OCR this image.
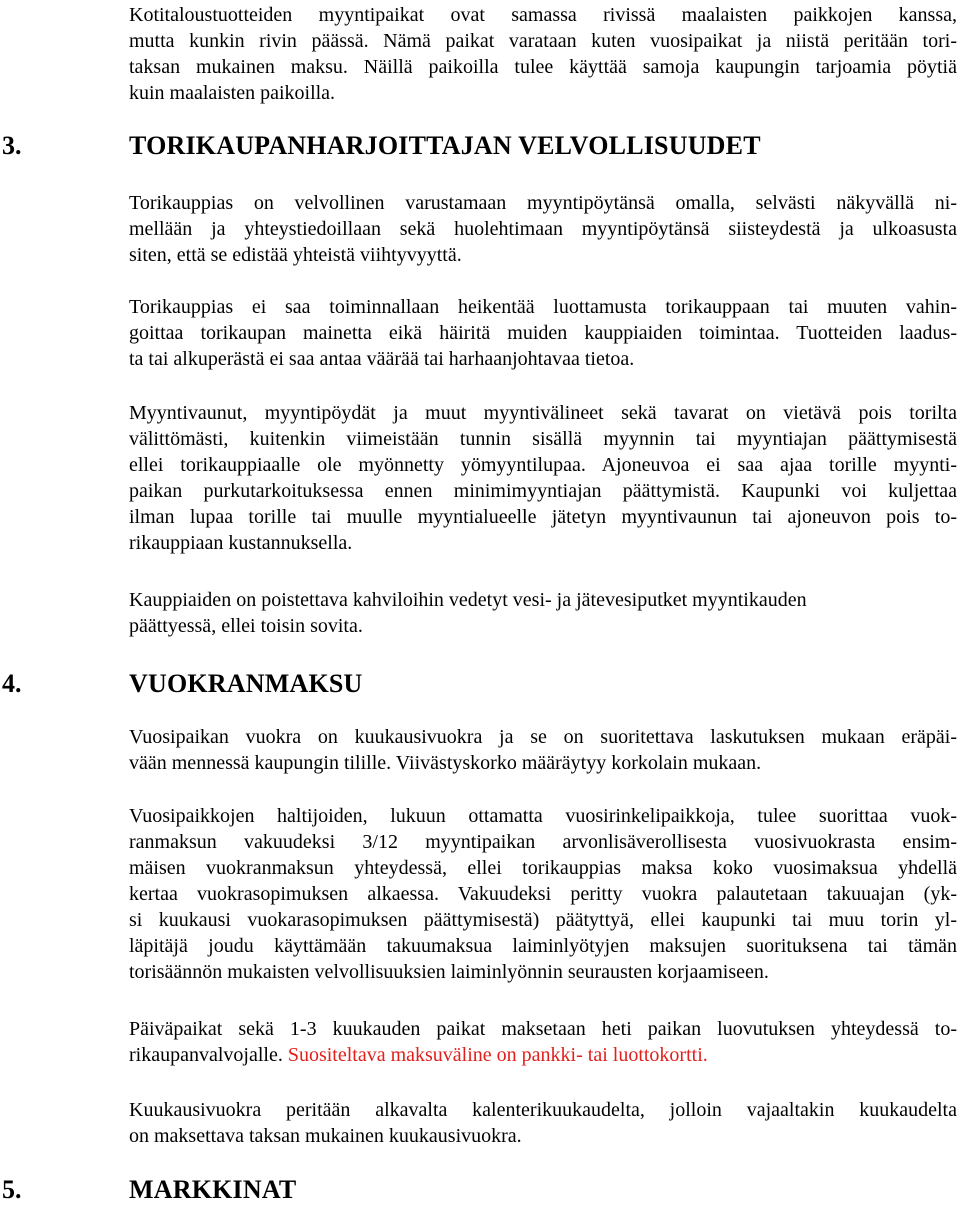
Kotitaloustuotteiden myyntipaikat ovat samassa rivissä maalaisten paikkojen kanssa,
mutta kunkin rivin päässä. Nämä paikat varataan kuten vuosipaikat ja niistä peritään tori-
taksan mukainen maksu. Näillä paikoilla tulee käyttää samoja kaupungin tarjoamia pöytiä
kuin maalaisten paikoilla.

3.	TORIKAUPANHARJOITTAJAN VELVOLLISUUDET

Torikauppias on velvollinen varustamaan myyntipöytänsä omalla, selvästi näkyvällä ni-
mellään ja yhteystiedoillaan sekä huolehtimaan myyntipöytänsä siisteydestä ja ulkoasusta
siten, että se edistää yhteistä viihtyvyyttä.

Torikauppias ei saa toiminnallaan heikentää luottamusta torikauppaan tai muuten vahin-
goittaa torikaupan mainetta eikä häiritä muiden kauppiaiden toimintaa. Tuotteiden laadus-
ta tai alkuperästä ei saa antaa väärää tai harhaanjohtavaa tietoa.

Myyntivaunut, myyntipöydät ja muut myyntivälineet sekä tavarat on vietävä pois torilta
välittömästi, kuitenkin viimeistään tunnin sisällä myynnin tai myyntiajan päättymisestä
ellei torikauppiaalle ole myönnetty yömyyntilupaa. Ajoneuvoa ei saa ajaa torille myynti-
paikan purkutarkoituksessa ennen minimimyyntiajan päättymistä. Kaupunki voi kuljettaa
ilman lupaa torille tai muulle myyntialueelle jätetyn myyntivaunun tai ajoneuvon pois to-
rikauppiaan kustannuksella.

Kauppiaiden on poistettava kahviloihin vedetyt vesi- ja jätevesiputket myyntikauden
päättyessä, ellei toisin sovita.

4.	VUOKRANMAKSU

Vuosipaikan vuokra on kuukausivuokra ja se on suoritettava laskutuksen mukaan eräpäi-
vään mennessä kaupungin tilille. Viivästyskorko määräytyy korkolain mukaan.

Vuosipaikkojen haltijoiden, lukuun ottamatta vuosirinkelipaikkoja, tulee suorittaa vuok-
ranmaksun vakuudeksi 3/12 myyntipaikan arvonlisäverollisesta vuosivuokrasta ensim-
mäisen vuokranmaksun yhteydessä, ellei torikauppias maksa koko vuosimaksua yhdellä
kertaa vuokrasopimuksen alkaessa. Vakuudeksi peritty vuokra palautetaan takuuajan (yk-
si kuukausi vuokarasopimuksen päättymisestä) päätyttyä, ellei kaupunki tai muu torin yl-
läpitäjä joudu käyttämään takuumaksua laiminlyötyjen maksujen suorituksena tai tämän
torisäännön mukaisten velvollisuuksien laiminlyönnin seurausten korjaamiseen.

Päiväpaikat sekä 1-3 kuukauden paikat maksetaan heti paikan luovutuksen yhteydessä to-
rikaupanvalvojalle. Suositeltava maksuväline on pankki- tai luottokortti.

Kuukausivuokra peritään alkavalta kalenterikuukaudelta, jolloin vajaaltakin kuukaudelta
on maksettava taksan mukainen kuukausivuokra.

5.	MARKKINAT
